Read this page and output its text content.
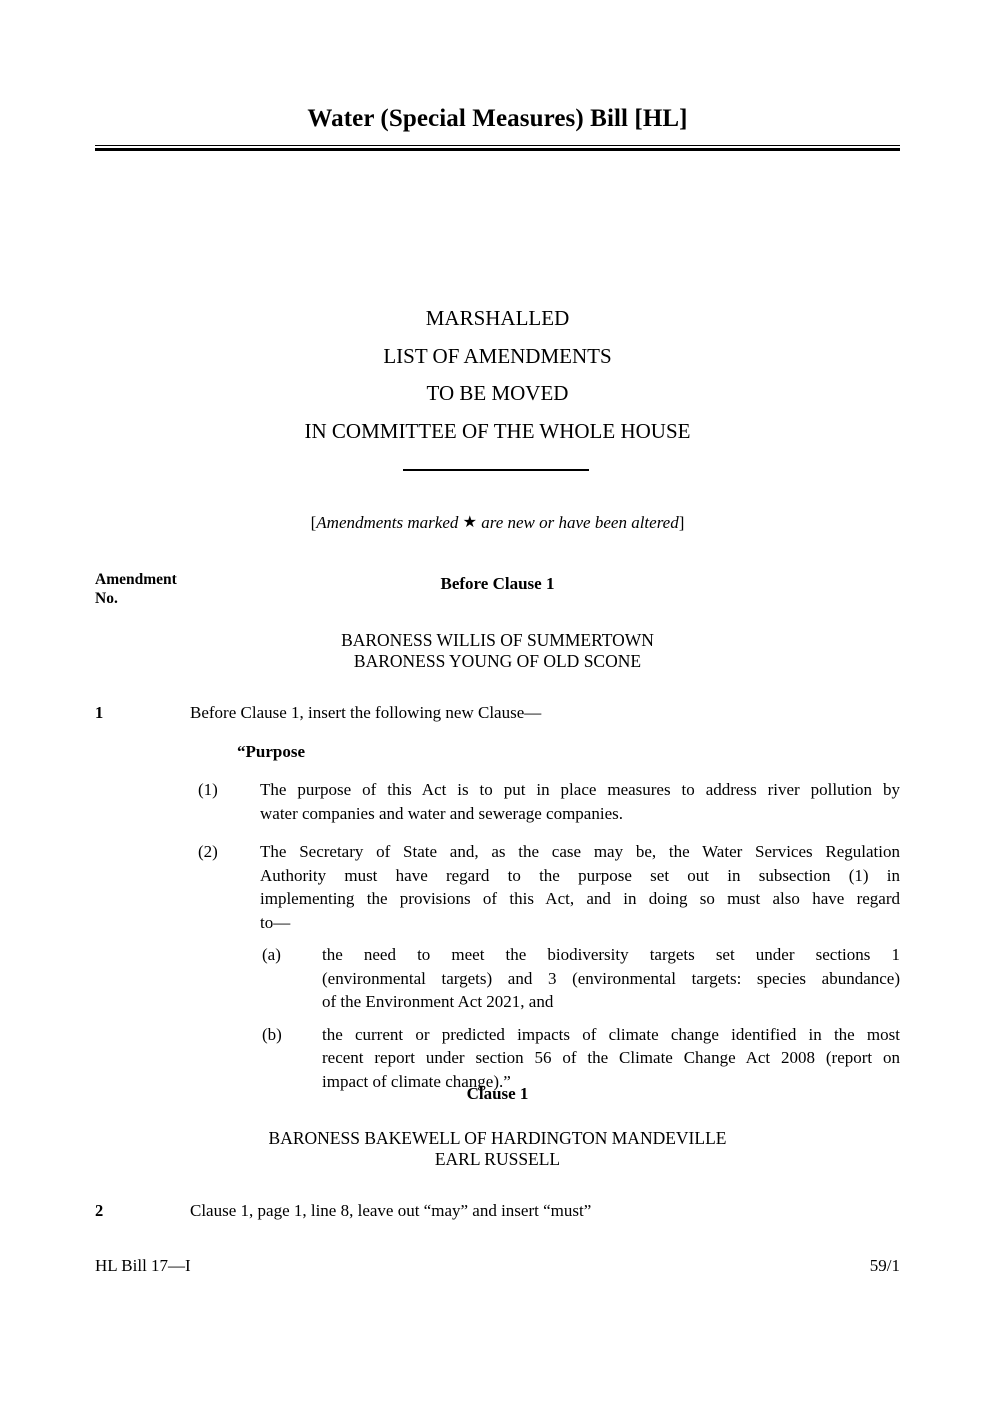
Water (Special Measures) Bill [HL]
MARSHALLED
LIST OF AMENDMENTS
TO BE MOVED
IN COMMITTEE OF THE WHOLE HOUSE
[Amendments marked ★ are new or have been altered]
Amendment
No.
Before Clause 1
BARONESS WILLIS OF SUMMERTOWN
BARONESS YOUNG OF OLD SCONE
1	Before Clause 1, insert the following new Clause—
“Purpose
(1)	The purpose of this Act is to put in place measures to address river pollution by
water companies and water and sewerage companies.
(2)	The Secretary of State and, as the case may be, the Water Services Regulation
Authority must have regard to the purpose set out in subsection (1) in
implementing the provisions of this Act, and in doing so must also have regard
to—
(a)	the need to meet the biodiversity targets set under sections 1
(environmental targets) and 3 (environmental targets: species abundance)
of the Environment Act 2021, and
(b)	the current or predicted impacts of climate change identified in the most
recent report under section 56 of the Climate Change Act 2008 (report on
impact of climate change).”
Clause 1
BARONESS BAKEWELL OF HARDINGTON MANDEVILLE
EARL RUSSELL
2	Clause 1, page 1, line 8, leave out “may” and insert “must”
HL Bill 17—I	59/1
